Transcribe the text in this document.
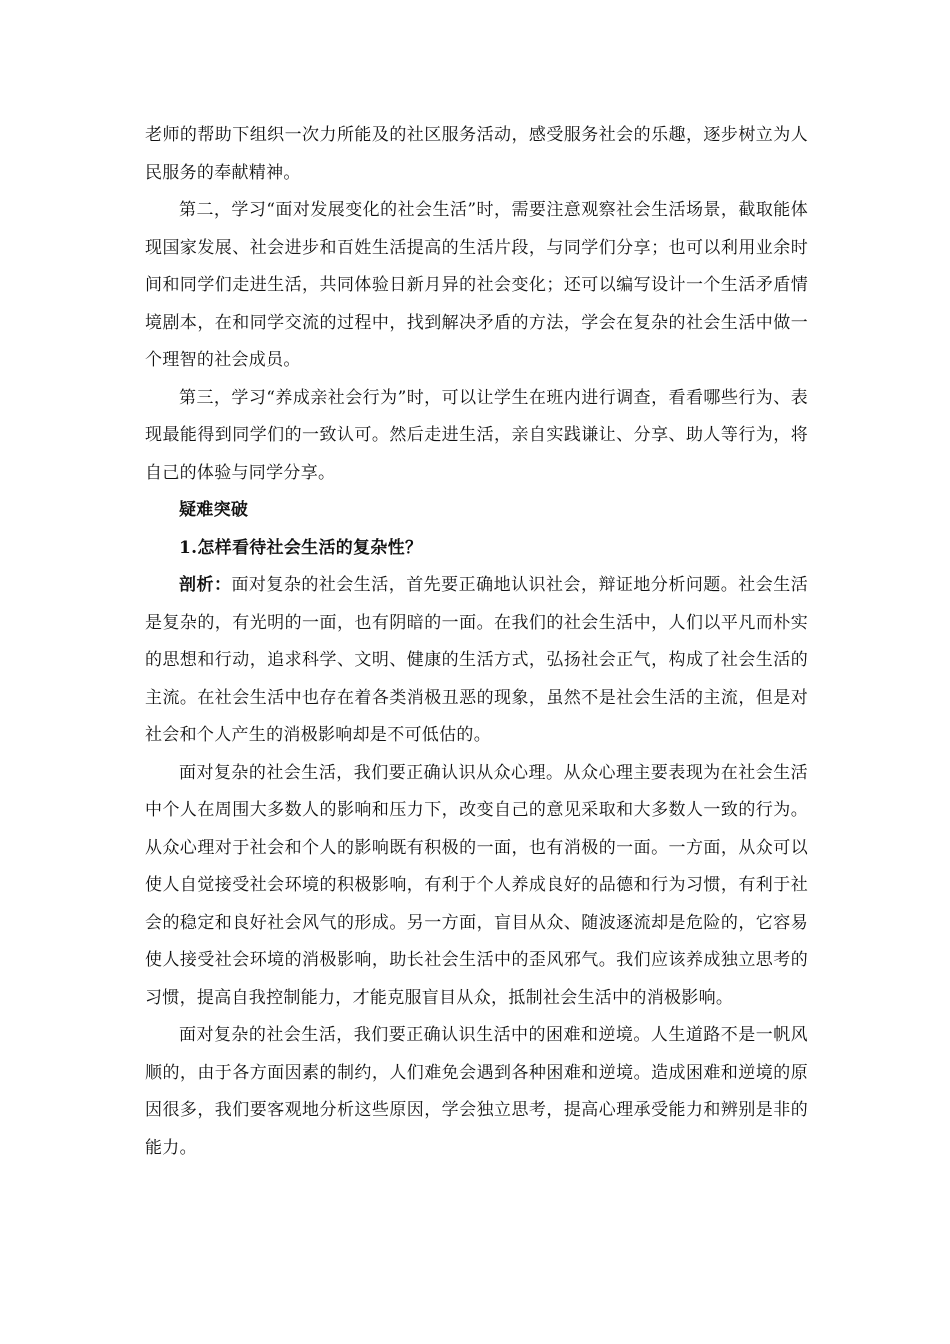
老师的帮助下组织一次力所能及的社区服务活动，感受服务社会的乐趣，逐步树立为人民服务的奉献精神。

第二，学习“面对发展变化的社会生活”时，需要注意观察社会生活场景，截取能体现国家发展、社会进步和百姓生活提高的生活片段，与同学们分享；也可以利用业余时间和同学们走进生活，共同体验日新月异的社会变化；还可以编写设计一个生活矛盾情境剧本，在和同学交流的过程中，找到解决矛盾的方法，学会在复杂的社会生活中做一个理智的社会成员。

第三，学习“养成亲社会行为”时，可以让学生在班内进行调查，看看哪些行为、表现最能得到同学们的一致认可。然后走进生活，亲自实践谦让、分享、助人等行为，将自己的体验与同学分享。

疑难突破

1.怎样看待社会生活的复杂性？

剖析：面对复杂的社会生活，首先要正确地认识社会，辩证地分析问题。社会生活是复杂的，有光明的一面，也有阴暗的一面。在我们的社会生活中，人们以平凡而朴实的思想和行动，追求科学、文明、健康的生活方式，弘扬社会正气，构成了社会生活的主流。在社会生活中也存在着各类消极丑恶的现象，虽然不是社会生活的主流，但是对社会和个人产生的消极影响却是不可低估的。

面对复杂的社会生活，我们要正确认识从众心理。从众心理主要表现为在社会生活中个人在周围大多数人的影响和压力下，改变自己的意见采取和大多数人一致的行为。从众心理对于社会和个人的影响既有积极的一面，也有消极的一面。一方面，从众可以使人自觉接受社会环境的积极影响，有利于个人养成良好的品德和行为习惯，有利于社会的稳定和良好社会风气的形成。另一方面，盲目从众、随波逐流却是危险的，它容易使人接受社会环境的消极影响，助长社会生活中的歪风邪气。我们应该养成独立思考的习惯，提高自我控制能力，才能克服盲目从众，抵制社会生活中的消极影响。

面对复杂的社会生活，我们要正确认识生活中的困难和逆境。人生道路不是一帆风顺的，由于各方面因素的制约，人们难免会遇到各种困难和逆境。造成困难和逆境的原因很多，我们要客观地分析这些原因，学会独立思考，提高心理承受能力和辨别是非的能力。
